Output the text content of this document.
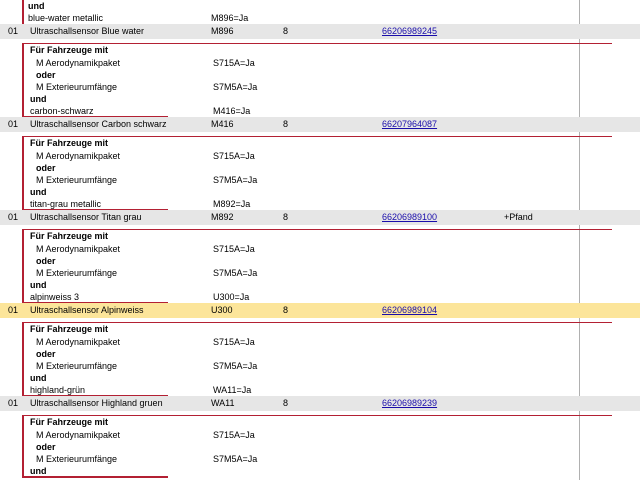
und
blue-water metallic	M896=Ja
01 Ultraschallsensor Blue water	M896	8	66206989245
Für Fahrzeuge mit
M Aerodynamikpaket	S715A=Ja
oder
M Exterieurumfänge	S7M5A=Ja
und
carbon-schwarz	M416=Ja
01 Ultraschallsensor Carbon schwarz	M416	8	66207964087
Für Fahrzeuge mit
M Aerodynamikpaket	S715A=Ja
oder
M Exterieurumfänge	S7M5A=Ja
und
titan-grau metallic	M892=Ja
01 Ultraschallsensor Titan grau	M892	8	66206989100	+Pfand
Für Fahrzeuge mit
M Aerodynamikpaket	S715A=Ja
oder
M Exterieurumfänge	S7M5A=Ja
und
alpinweiss 3	U300=Ja
01 Ultraschallsensor Alpinweiss	U300	8	66206989104
Für Fahrzeuge mit
M Aerodynamikpaket	S715A=Ja
oder
M Exterieurumfänge	S7M5A=Ja
und
highland-grün	WA11=Ja
01 Ultraschallsensor Highland gruen	WA11	8	66206989239
Für Fahrzeuge mit
M Aerodynamikpaket	S715A=Ja
oder
M Exterieurumfänge	S7M5A=Ja
und
